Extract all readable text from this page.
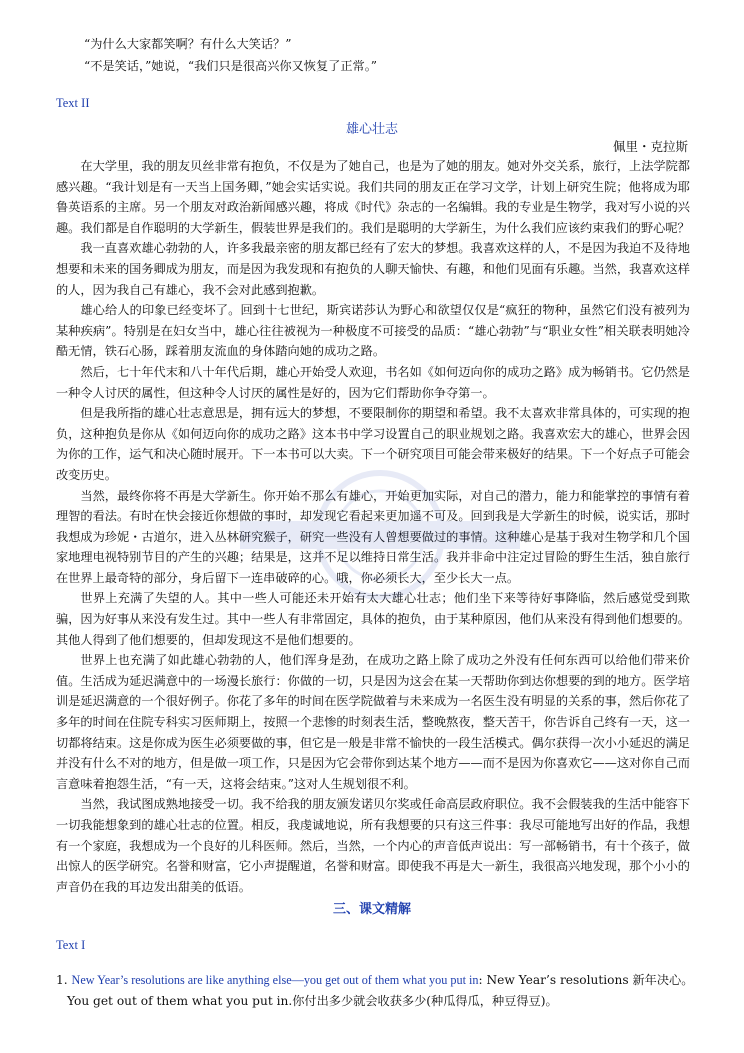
“为什么大家都笑啊？有什么大笑话？”
“不是笑话，”她说，“我们只是很高兴你又恢复了正常。”
Text II
雄心壮志
佩里・克拉斯

在大学里，我的朋友贝丝非常有抱负，不仅是为了她自己，也是为了她的朋友。她对外交关系，旅行，上法学院都感兴趣。“我计划是有一天当上国务卿，”她会实话实说。我们共同的朋友正在学习文学，计划上研究生院；他将成为耶鲁英语系的主席。另一个朋友对政治新闻感兴趣，将成《时代》杂志的一名编辑。我的专业是生物学，我对写小说的兴趣。我们都是自作聪明的大学新生，假装世界是我们的。我们是聪明的大学新生，为什么我们应该约束我们的野心呢？

我一直喜欢雄心勃勃的人，许多我最亲密的朋友都已经有了宏大的梦想。我喜欢这样的人，不是因为我迫不及待地想要和未来的国务卿成为朋友，而是因为我发现和有抱负的人聊天愉快、有趣，和他们见面有乐趣。当然，我喜欢这样的人，因为我自己有雄心，我不会对此感到抱歉。

雄心给人的印象已经变坏了。回到十七世纪，斯宾诺莎认为野心和欲望仅仅是“疯狂的物种，虽然它们没有被列为某种疾病”。特别是在妇女当中，雄心往往被视为一种极度不可接受的品质：“雄心勃勃”与“职业女性”相关联表明她冷酷无情，铁石心肠，踩着朋友流血的身体踏向她的成功之路。

然后，七十年代末和八十年代后期，雄心开始受人欢迎，书名如《如何迈向你的成功之路》成为畅销书。它仍然是一种令人讨厌的属性，但这种令人讨厌的属性是好的，因为它们帮助你争夺第一。

但是我所指的雄心壮志意思是，拥有远大的梦想，不要限制你的期望和希望。我不太喜欢非常具体的，可实现的抱负，这种抱负是你从《如何迈向你的成功之路》这本书中学习设置自己的职业规划之路。我喜欢宏大的雄心，世界会因为你的工作，运气和决心随时展开。下一本书可以大卖。下一个研究项目可能会带来极好的结果。下一个好点子可能会改变历史。

当然，最终你将不再是大学新生。你开始不那么有雄心，开始更加实际，对自己的潜力，能力和能掌控的事情有着理智的看法。有时在快会接近你想做的事时，却发现它看起来更加遥不可及。回到我是大学新生的时候，说实话，那时我想成为珍妮・古道尔，进入丛林研究猴子，研究一些没有人曾想要做过的事情。这种雄心是基于我对生物学和几个国家地理电视特别节目的产生的兴趣；结果是，这并不足以维持日常生活。我并非命中注定过冒险的野生生活，独自旅行在世界上最奇特的部分，身后留下一连串破碎的心。哦，你必须长大，至少长大一点。

世界上充满了失望的人。其中一些人可能还未开始有太大雄心壮志；他们坐下来等待好事降临，然后感觉受到欺骗，因为好事从来没有发生过。其中一些人有非常固定，具体的抱负，由于某种原因，他们从来没有得到他们想要的。其他人得到了他们想要的，但却发现这不是他们想要的。

世界上也充满了如此雄心勃勃的人，他们浑身是劲，在成功之路上除了成功之外没有任何东西可以给他们带来价值。生活成为延迟满意中的一场漫长旅行：你做的一切，只是因为这会在某一天帮助你到达你想要的到的地方。医学培训是延迟满意的一个很好例子。你花了多年的时间在医学院做着与未来成为一名医生没有明显的关系的事，然后你花了多年的时间在住院专科实习医师期上，按照一个悲惨的时刻表生活，整晚熬夜，整天苦干，你告诉自己终有一天，这一切都将结束。这是你成为医生必须要做的事，但它是一般是非常不愉快的一段生活模式。偶尔获得一次小小延迟的满足并没有什么不对的地方，但是做一项工作，只是因为它会带你到达某个地方——而不是因为你喜欢它——这对你自己而言意味着抱怨生活，“有一天，这将会结束。”这对人生规划很不利。

当然，我试图成熟地接受一切。我不给我的朋友颁发诺贝尔奖或任命高层政府职位。我不会假装我的生活中能容下一切我能想象到的雄心壮志的位置。相反，我虔诚地说，所有我想要的只有这三件事：我尽可能地写出好的作品，我想有一个家庭，我想成为一个良好的儿科医师。然后，当然，一个内心的声音低声说出：写一部畅销书，有十个孩子，做出惊人的医学研究。名誉和财富，它小声提醒道，名誉和财富。即使我不再是大一新生，我很高兴地发现，那个小小的声音仍在我的耳边发出甜美的低语。

三、课文精解
Text I
1. New Year’s resolutions are like anything else—you get out of them what you put in: New Year’s resolutions 新年决心。
You get out of them what you put in.你付出多少就会收获多少(种瓜得瓜，种豆得豆)。
